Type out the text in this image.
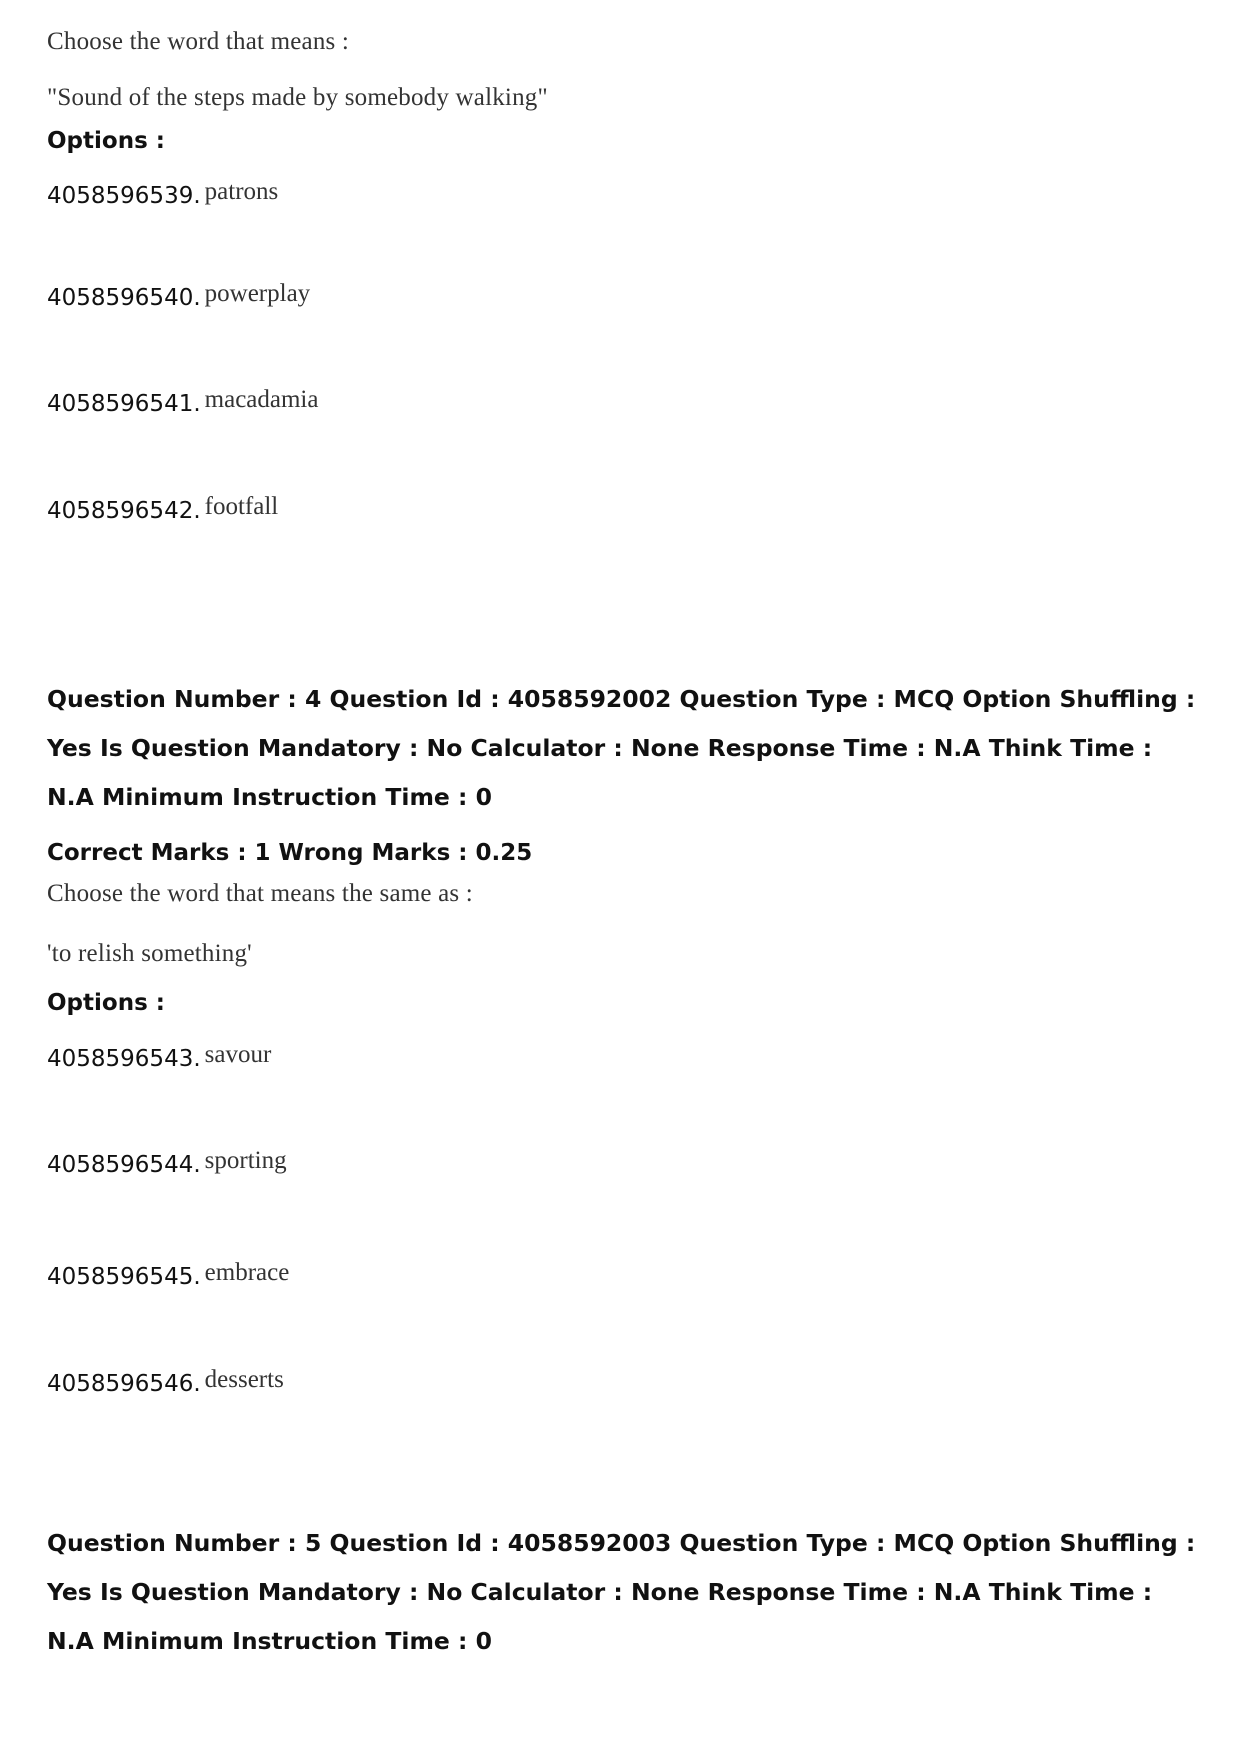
Choose the word that means :
"Sound of the steps made by somebody walking"
Options :
4058596539. patrons
4058596540. powerplay
4058596541. macadamia
4058596542. footfall
Question Number : 4 Question Id : 4058592002 Question Type : MCQ Option Shuffling : Yes Is Question Mandatory : No Calculator : None Response Time : N.A Think Time : N.A Minimum Instruction Time : 0
Correct Marks : 1 Wrong Marks : 0.25
Choose the word that means the same as :
'to relish something'
Options :
4058596543. savour
4058596544. sporting
4058596545. embrace
4058596546. desserts
Question Number : 5 Question Id : 4058592003 Question Type : MCQ Option Shuffling : Yes Is Question Mandatory : No Calculator : None Response Time : N.A Think Time : N.A Minimum Instruction Time : 0
